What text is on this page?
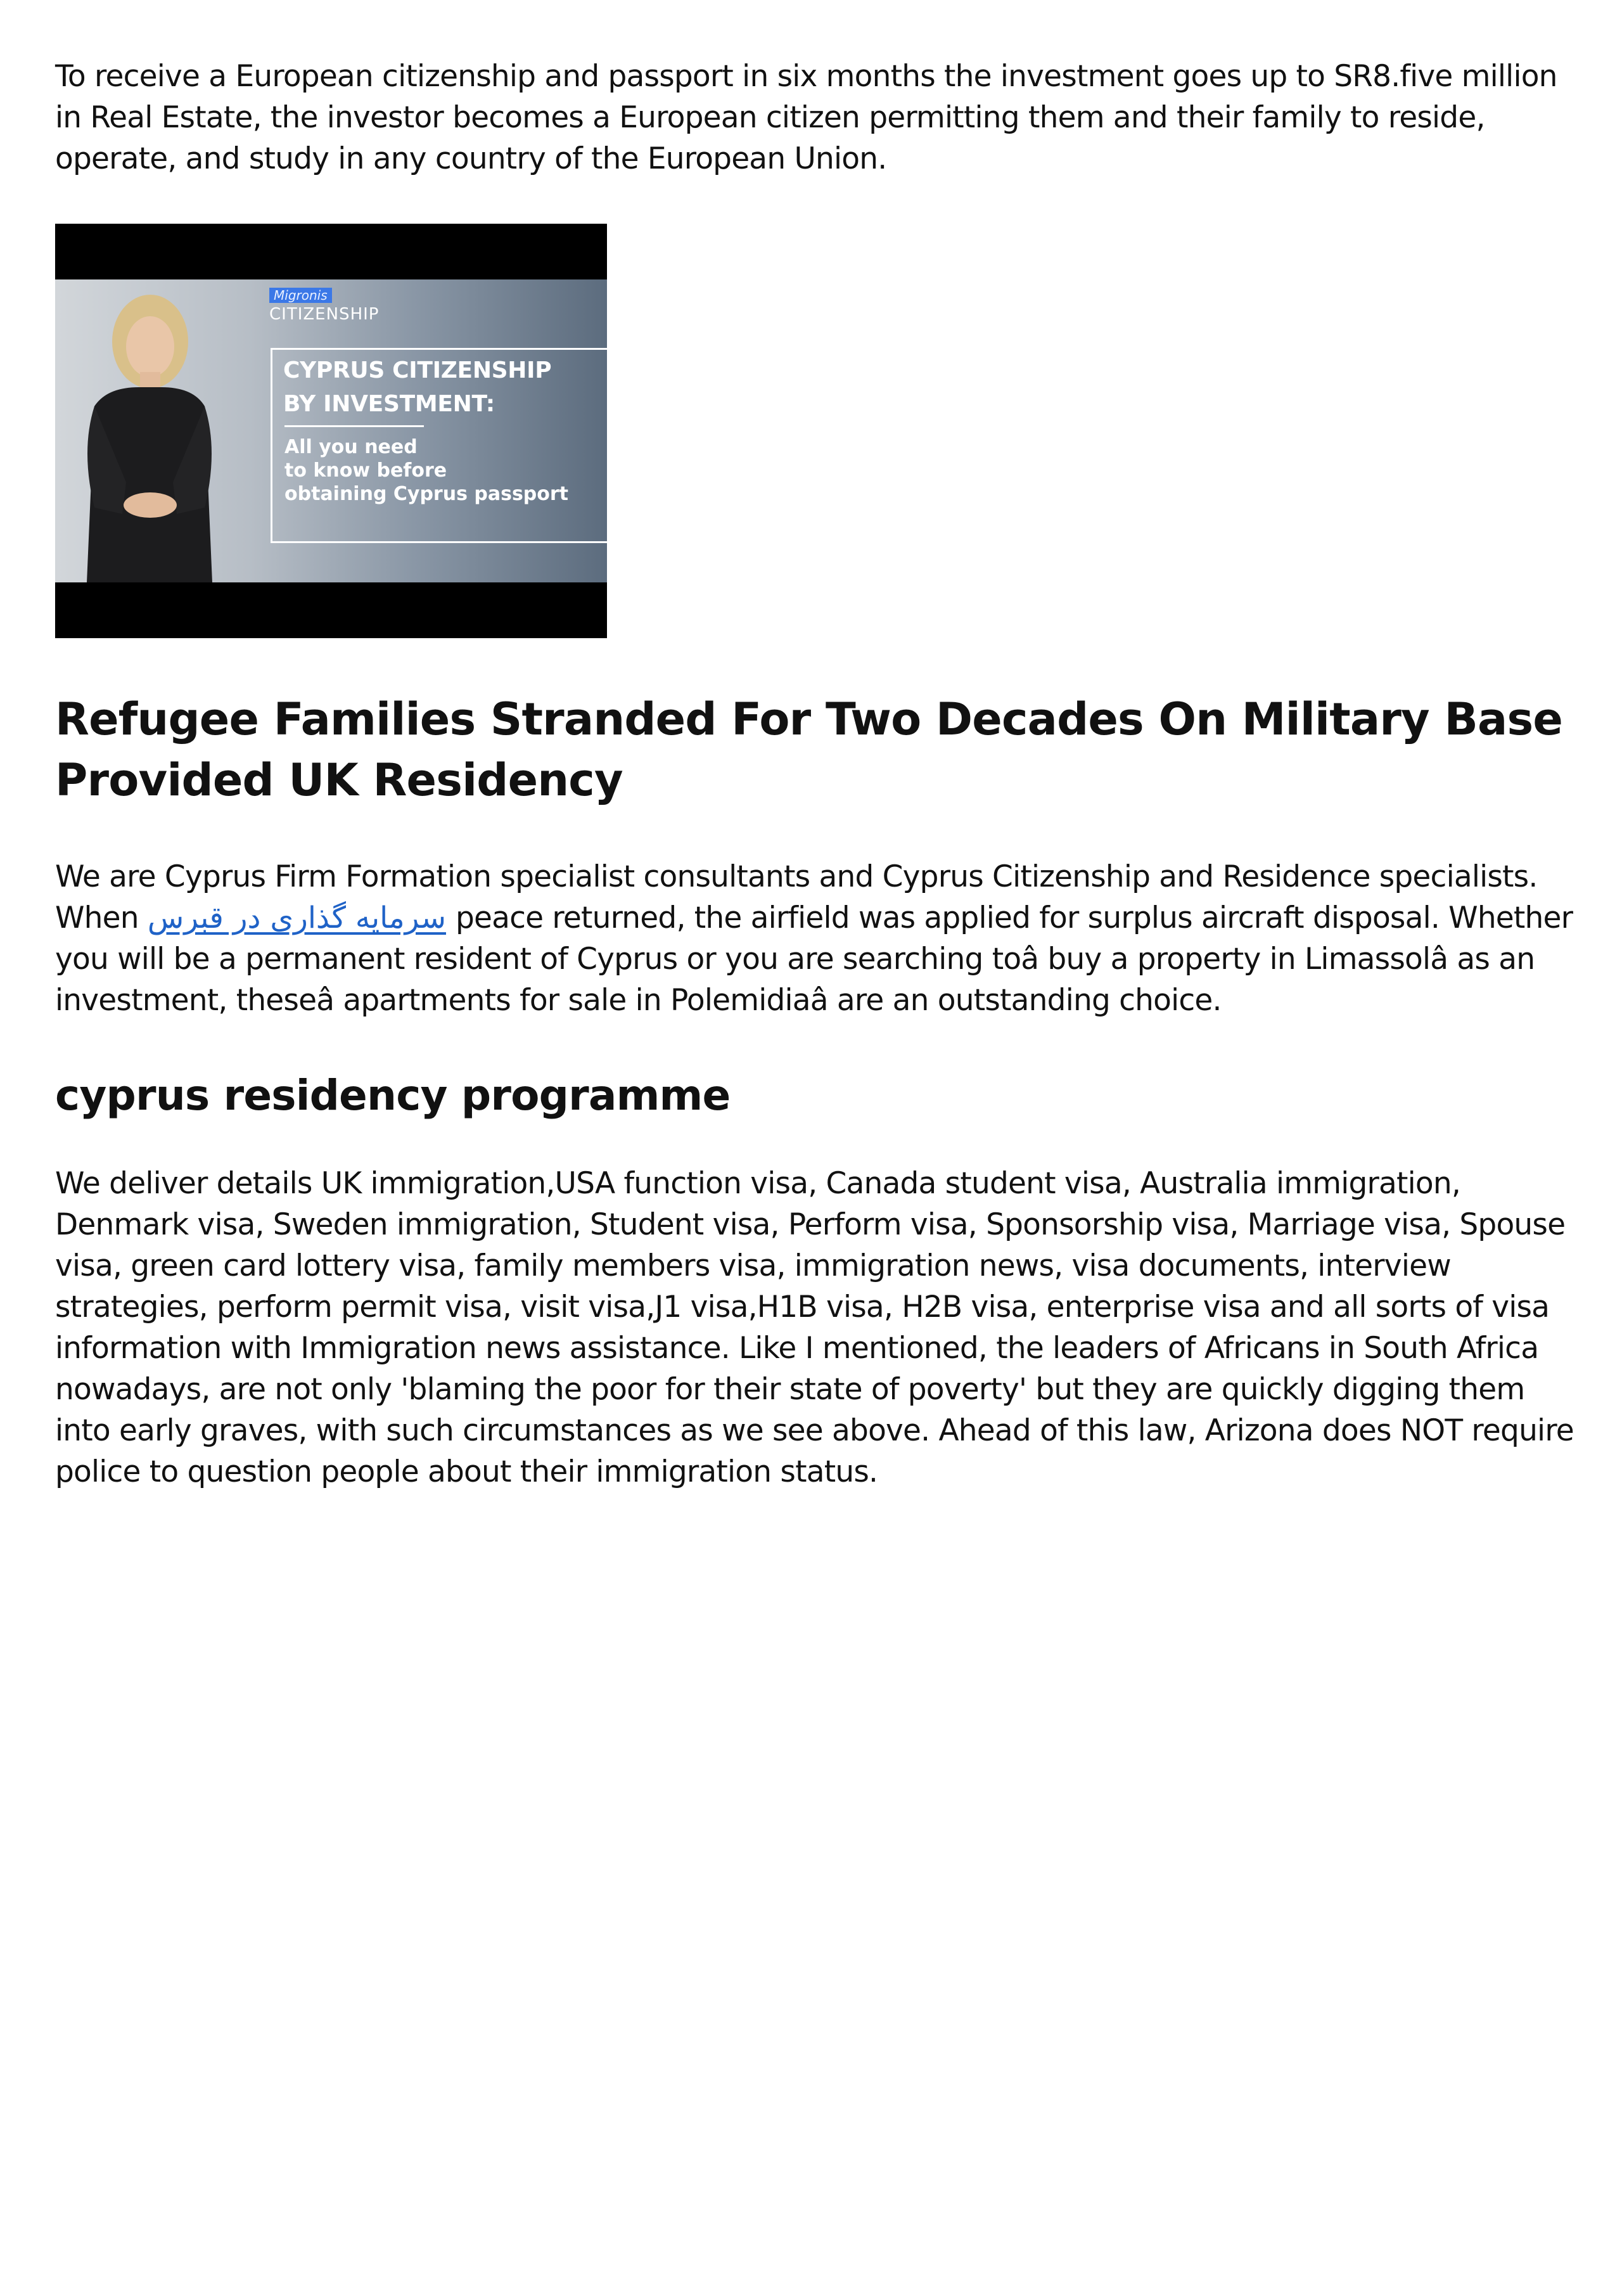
To receive a European citizenship and passport in six months the investment goes up to SR8.five million in Real Estate, the investor becomes a European citizen permitting them and their family to reside, operate, and study in any country of the European Union.

Migronis
CITIZENSHIP
CYPRUS CITIZENSHIP
BY INVESTMENT:
All you need
to know before
obtaining Cyprus passport
Refugee Families Stranded For Two Decades On Military Base Provided UK Residency

We are Cyprus Firm Formation specialist consultants and Cyprus Citizenship and Residence specialists. When سرمایه گذاری در قبرس peace returned, the airfield was applied for surplus aircraft disposal. Whether you will be a permanent resident of Cyprus or you are searching toâ buy a property in Limassolâ as an investment, theseâ apartments for sale in Polemidiaâ are an outstanding choice.

cyprus residency programme

We deliver details UK immigration,USA function visa, Canada student visa, Australia immigration, Denmark visa, Sweden immigration, Student visa, Perform visa, Sponsorship visa, Marriage visa, Spouse visa, green card lottery visa, family members visa, immigration news, visa documents, interview strategies, perform permit visa, visit visa,J1 visa,H1B visa, H2B visa, enterprise visa and all sorts of visa information with Immigration news assistance. Like I mentioned, the leaders of Africans in South Africa nowadays, are not only 'blaming the poor for their state of poverty' but they are quickly digging them into early graves, with such circumstances as we see above. Ahead of this law, Arizona does NOT require police to question people about their immigration status.
